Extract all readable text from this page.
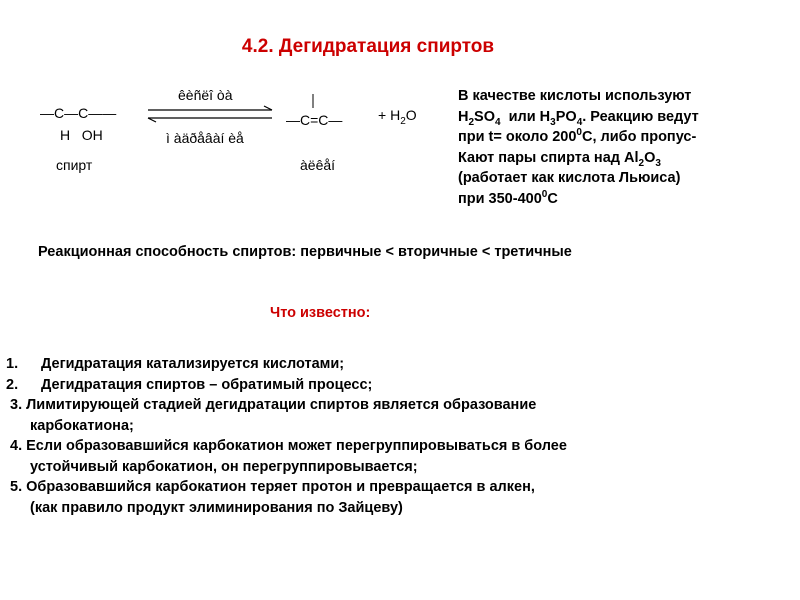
4.2. Дегидратация спиртов
—C—C——
H   OH
спирт
êèñëî òà
ì àäðåâàí èå
—C=C—	+ $H_2O$
àëêåí
В качестве кислоты используют
$H_2SO_4$  или $H_3PO_4$. Реакцию ведут
при t= около $200^0C$, либо пропус-
Кают пары спирта над $Al_2O_3$
(работает как кислота Льюиса)
при $350-400^0С$
Реакционная способность спиртов: первичные < вторичные < третичные
Что известно:
1. Дегидратация катализируется кислотами;
2. Дегидратация спиртов – обратимый процесс;
3. Лимитирующей стадией дегидратации спиртов является образование
карбокатиона;
4. Если образовавшийся карбокатион может перегруппировываться в более
устойчивый карбокатион, он перегруппировывается;
5. Образовавшийся карбокатион теряет протон и превращается в алкен,
(как правило продукт элиминирования по Зайцеву)
